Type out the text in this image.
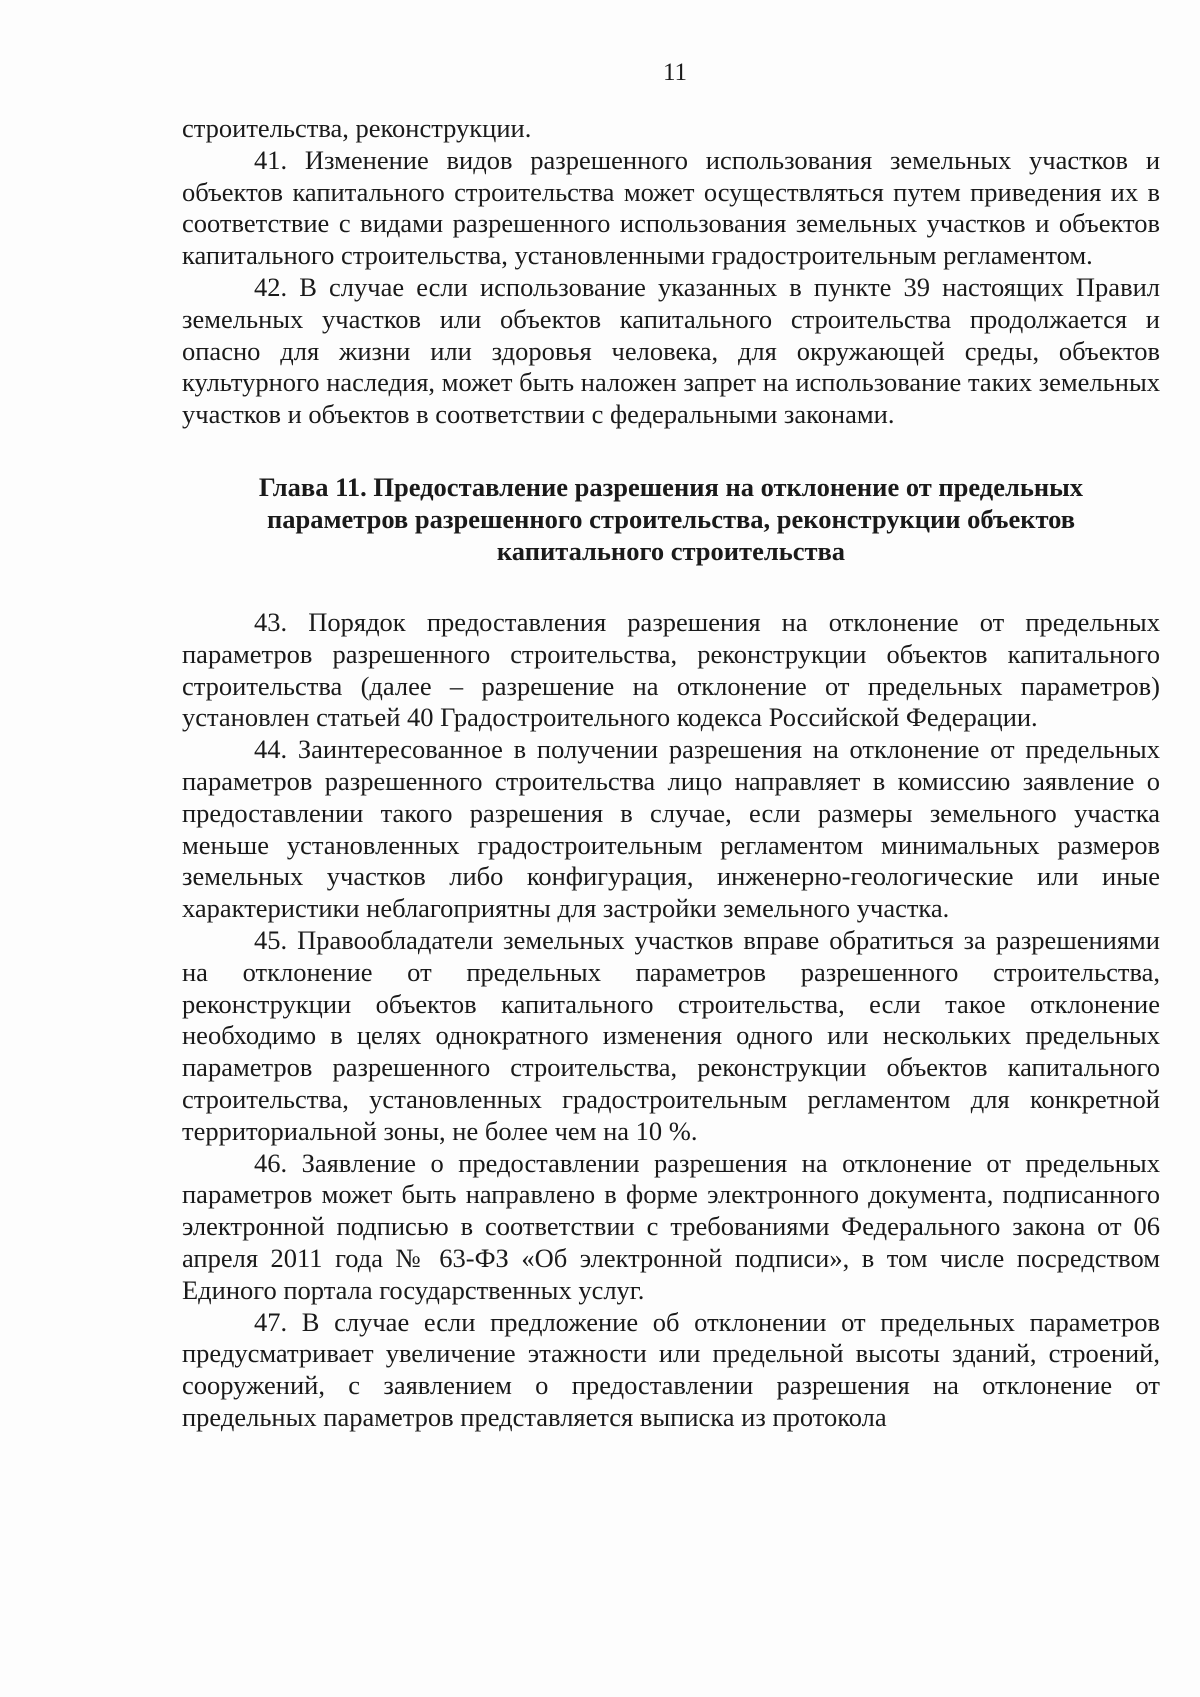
11

строительства, реконструкции.

41. Изменение видов разрешенного использования земельных участков и объектов капитального строительства может осуществляться путем приведения их в соответствие с видами разрешенного использования земельных участков и объектов капитального строительства, установленными градостроительным регламентом.

42. В случае если использование указанных в пункте 39 настоящих Правил земельных участков или объектов капитального строительства продолжается и опасно для жизни или здоровья человека, для окружающей среды, объектов культурного наследия, может быть наложен запрет на использование таких земельных участков и объектов в соответствии с федеральными законами.

Глава 11. Предоставление разрешения на отклонение от предельных параметров разрешенного строительства, реконструкции объектов капитального строительства

43. Порядок предоставления разрешения на отклонение от предельных параметров разрешенного строительства, реконструкции объектов капитального строительства (далее – разрешение на отклонение от предельных параметров) установлен статьей 40 Градостроительного кодекса Российской Федерации.

44. Заинтересованное в получении разрешения на отклонение от предельных параметров разрешенного строительства лицо направляет в комиссию заявление о предоставлении такого разрешения в случае, если размеры земельного участка меньше установленных градостроительным регламентом минимальных размеров земельных участков либо конфигурация, инженерно-геологические или иные характеристики неблагоприятны для застройки земельного участка.

45. Правообладатели земельных участков вправе обратиться за разрешениями на отклонение от предельных параметров разрешенного строительства, реконструкции объектов капитального строительства, если такое отклонение необходимо в целях однократного изменения одного или нескольких предельных параметров разрешенного строительства, реконструкции объектов капитального строительства, установленных градостроительным регламентом для конкретной территориальной зоны, не более чем на 10 %.

46. Заявление о предоставлении разрешения на отклонение от предельных параметров может быть направлено в форме электронного документа, подписанного электронной подписью в соответствии с требованиями Федерального закона от 06 апреля 2011 года № 63-ФЗ «Об электронной подписи», в том числе посредством Единого портала государственных услуг.

47. В случае если предложение об отклонении от предельных параметров предусматривает увеличение этажности или предельной высоты зданий, строений, сооружений, с заявлением о предоставлении разрешения на отклонение от предельных параметров представляется выписка из протокола
